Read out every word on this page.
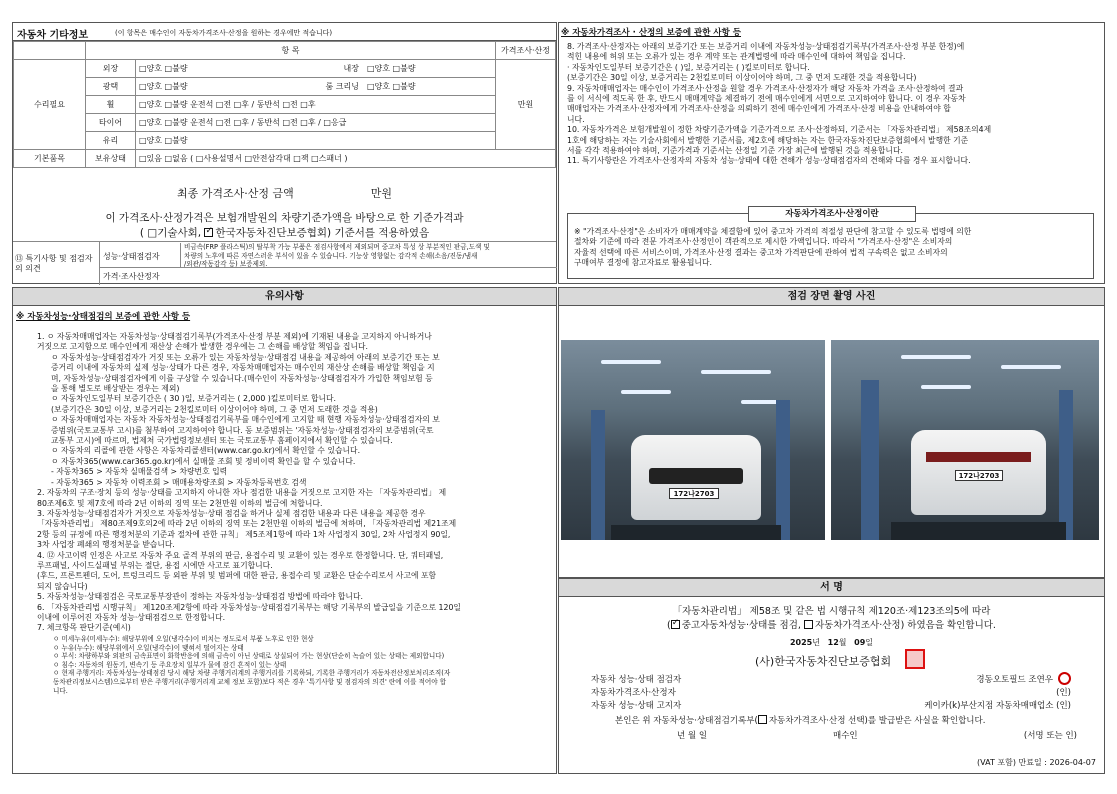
자동차 기타정보	(이 항목은 매수인이 자동차가격조사·산정을 원하는 경우에만 적습니다)
	항 목		가격조사·산정
수리필요	외장	□양호 □불량 내장 □양호 □불량	만원
	광택	□양호 □불량 룸 크리닝 □양호 □불량	
	휠	□양호 □불량 운전석 □전 □후 / 동반석 □전 □후	
	타이어	□양호 □불량 운전석 □전 □후 / 동반석 □전 □후 / □응급	
	유리	□양호 □불량	
기본품목	보유상태	□있음 □없음 ( □사용설명서 □안전삼각대 □잭 □스패너 )	
최종 가격조사·산정 금액	만원
이 가격조사·산정가격은 보험개발원의 차량기준가액을 바탕으로 한 기준가격과
( □기술사회, ✓ 한국자동차진단보증협회) 기준서를 적용하였음
⑬ 특기사항 및 점검자의 의견
성능·상태점검자
비금속(FRP 플라스틱)의 탈부착 가능 부품은 점검사항에서 제외되며 중고차 특성 상 부분적인 판금,도색 및
차량의 노후에 따른 자연스러운 부식이 있을 수 있습니다. 기능상 영향없는 감각적 손해(소음/진동/냄새
/외관/작동감각 등) 보증제외.
가격·조사산정자
※ 자동차가격조사 · 산정의 보증에 관한 사항 등
8. 가격조사·산정자는 아래의 보증기간 또는 보증거리 이내에 자동차성능·상태점검기록부(가격조사·산정 부분 한정)에
적힌 내용에 허위 또는 오류가 있는 경우 계약 또는 관계법령에 따라 매수인에 대하여 책임을 집니다.
· 자동차인도일부터 보증기간은 ( )일, 보증거리는 ( )킬로미터로 합니다.
(보증기간은 30일 이상, 보증거리는 2천킬로미터 이상이어야 하며, 그 중 먼저 도래한 것을 적용합니다)
9. 자동차매매업자는 매수인이 가격조사·산정을 원할 경우 가격조사·산정자가 해당 자동차 가격을 조사·산정하여 결과
를 이 서식에 적도록 한 후, 반드시 매매계약을 체결하기 전에 매수인에게 서면으로 고지하여야 합니다. 이 경우 자동차
매매업자는 가격조사·산정자에게 가격조사·산정을 의뢰하기 전에 매수인에게 가격조사·산정 비용을 안내하여야 합
니다.
10. 자동차가격은 보험개발원이 정한 차량기준가액을 기준가격으로 조사·산정하되, 기준서는 「자동차관리법」 제58조의4제
1호에 해당하는 자는 기술사회에서 발행한 기준서를, 제2호에 해당하는 자는 한국자동차진단보증협회에서 발행한 기준
서를 각각 적용하여야 하며, 기준가격과 기준서는 산정일 기준 가장 최근에 발행된 것을 적용합니다.
11. 특기사항란은 가격조사·산정자의 자동차 성능·상태에 대한 견해가 성능·상태점검자의 견해와 다를 경우 표시합니다.
자동차가격조사·산정이란
※ "가격조사·산정"은 소비자가 매매계약을 체결함에 있어 중고차 가격의 적절성 판단에 참고할 수 있도록 법령에 의한
절차와 기준에 따라 전문 가격조사·산정인이 객관적으로 제시한 가액입니다. 따라서 "가격조사·산정"은 소비자의
자율적 선택에 따른 서비스이며, 가격조사·산정 결과는 중고차 가격판단에 관하여 법적 구속력은 없고 소비자의
구매여부 결정에 참고자료로 활용됩니다.
유의사항
※ 자동차성능·상태점검의 보증에 관한 사항 등
1. ㅇ 자동차매매업자는 자동차성능·상태점검기록부(가격조사·산정 부분 제외)에 기재된 내용을 고지하지 아니하거나
거짓으로 고지함으로 매수인에게 재산상 손해가 발생한 경우에는 그 손해를 배상할 책임을 집니다.
ㅇ 자동차성능·상태점검자가 거짓 또는 오류가 있는 자동차성능·상태점검 내용을 제공하여 아래의 보증기간 또는 보
증거리 이내에 자동차의 실제 성능·상태가 다른 경우, 자동차매매업자는 매수인의 재산상 손해를 배상할 책임을 지
며, 자동차성능·상태점검자에게 이를 구상할 수 있습니다.(매수인이 자동차성능·상태점검자가 가입한 책임보험 등
을 통해 별도로 배상받는 경우는 제외)
ㅇ 자동차인도일부터 보증기간은 ( 30 )일, 보증거리는 ( 2,000 )킬로미터로 합니다.
(보증기간은 30일 이상, 보증거리는 2천킬로미터 이상이어야 하며, 그 중 먼저 도래한 것을 적용)
ㅇ 자동차매매업자는 자동차 자동차성능·상태점검기록부를 매수인에게 고지할 때 현행 자동차성능·상태점검자의 보
증범위(국토교통부 고시)를 첨부하여 고지하여야 합니다. 동 보증범위는 '자동차성능·상태점검자의 보증범위(국토
교통부 고시)에 따르며, 법제처 국가법령정보센터 또는 국토교통부 홈페이지에서 확인할 수 있습니다.
ㅇ 자동차의 리콜에 관한 사항은 자동차리콜센터(www.car.go.kr)에서 확인할 수 있습니다.
ㅇ 자동차365(www.car365.go.kr)에서 실매물 조회 및 정비이력 확인을 할 수 있습니다.
- 자동차365 > 자동차 실매물검색 > 차량번호 입력
- 자동차365 > 자동차 이력조회 > 매매용차량조회 > 자동차등록번호 검색
2. 자동차의 구조·장치 등의 성능·상태를 고지하지 아니한 자나 점검한 내용을 거짓으로 고지한 자는 「자동차관리법」 제
80조제6호 및 제7호에 따라 2년 이하의 징역 또는 2천만원 이하의 벌금에 처합니다.
3. 자동차성능·상태점검자가 거짓으로 자동차성능·상태 점검을 하거나 실제 점검한 내용과 다른 내용을 제공한 경우
「자동차관리법」 제80조제9호의2에 따라 2년 이하의 징역 또는 2천만원 이하의 벌금에 처하며, 「자동차관리법 제21조제
2항 등의 규정에 따른 행정처분의 기준과 절차에 관한 규칙」 제5조제1항에 따라 1차 사업정지 30일, 2차 사업정지 90일,
3차 사업장 폐쇄의 행정처분을 받습니다.
4. ⑫ 사고이력 인정은 사고로 자동차 주요 골격 부위의 판금, 용접수리 및 교환이 있는 경우로 한정합니다. 단, 쿼터패널,
루프패널, 사이드실패널 부위는 절단, 용접 시에만 사고로 표기합니다.
(후드, 프론트펜더, 도어, 트렁크리드 등 외판 부위 및 범퍼에 대한 판금, 용접수리 및 교환은 단순수리로서 사고에 포함
되지 않습니다)
5. 자동차성능·상태점검은 국토교통부장관이 정하는 자동차성능·상태점검 방법에 따라야 합니다.
6. 「자동차관리법 시행규칙」 제120조제2항에 따라 자동차성능·상태점검기록부는 해당 기록부의 발급일을 기준으로 120일
이내에 이루어진 자동차 성능·상태점검으로 한정합니다.
7. 체크항목 판단기준(예시)
ㅇ 미세누유(미세누수): 해당부위에 오일(냉각수)이 비치는 정도로서 부품 노후로 인한 현상
ㅇ 누유(누수): 해당부위에서 오일(냉각수)이 맺혀서 떨어지는 상태
ㅇ 부식: 차량하부와 외판의 금속표면이 화학반응에 의해 금속이 아닌 상태로 상실되어 가는 현상(단순히 녹슬어 있는 상태는 제외합니다)
ㅇ 침수: 자동차의 원동기, 변속기 등 주요장치 일부가 물에 잠긴 흔적이 있는 상태
ㅇ 현재 주행거리: 자동차성능·상태점검 당시 해당 차량 주행거리계의 주행거리를 기록하되, 기록한 주행거리가 자동차전산정보처리조직(자
동차관리정보시스템)으로부터 받은 주행거리(주행거리계 교체 정보 포함)보다 적은 경우 '특기사항 및 점검자의 의견' 란에 이를 적어야 합
니다.
점검 장면 촬영 사진
172나2703
172나2703
서 명
「자동차관리법」 제58조 및 같은 법 시행규칙 제120조·제123조의5에 따라
( ✓ 중고자동차성능·상태를 점검, 자동차가격조사·산정) 하였음을 확인합니다.
2025년 12월 09일
(사)한국자동차진단보증협회
자동차 성능·상태 점검자	경동오토필드 조연우
자동차가격조사·산정자	(인)
자동차 성능·상태 고지자	케이카(k)부산지점 자동차매매업소 (인)
본인은 위 자동차성능·상태점검기록부( 자동차가격조사·산정 선택)를 발급받은 사실을 확인합니다.
년 월 일	매수인	(서명 또는 인)
(VAT 포함) 만료일 : 2026-04-07
